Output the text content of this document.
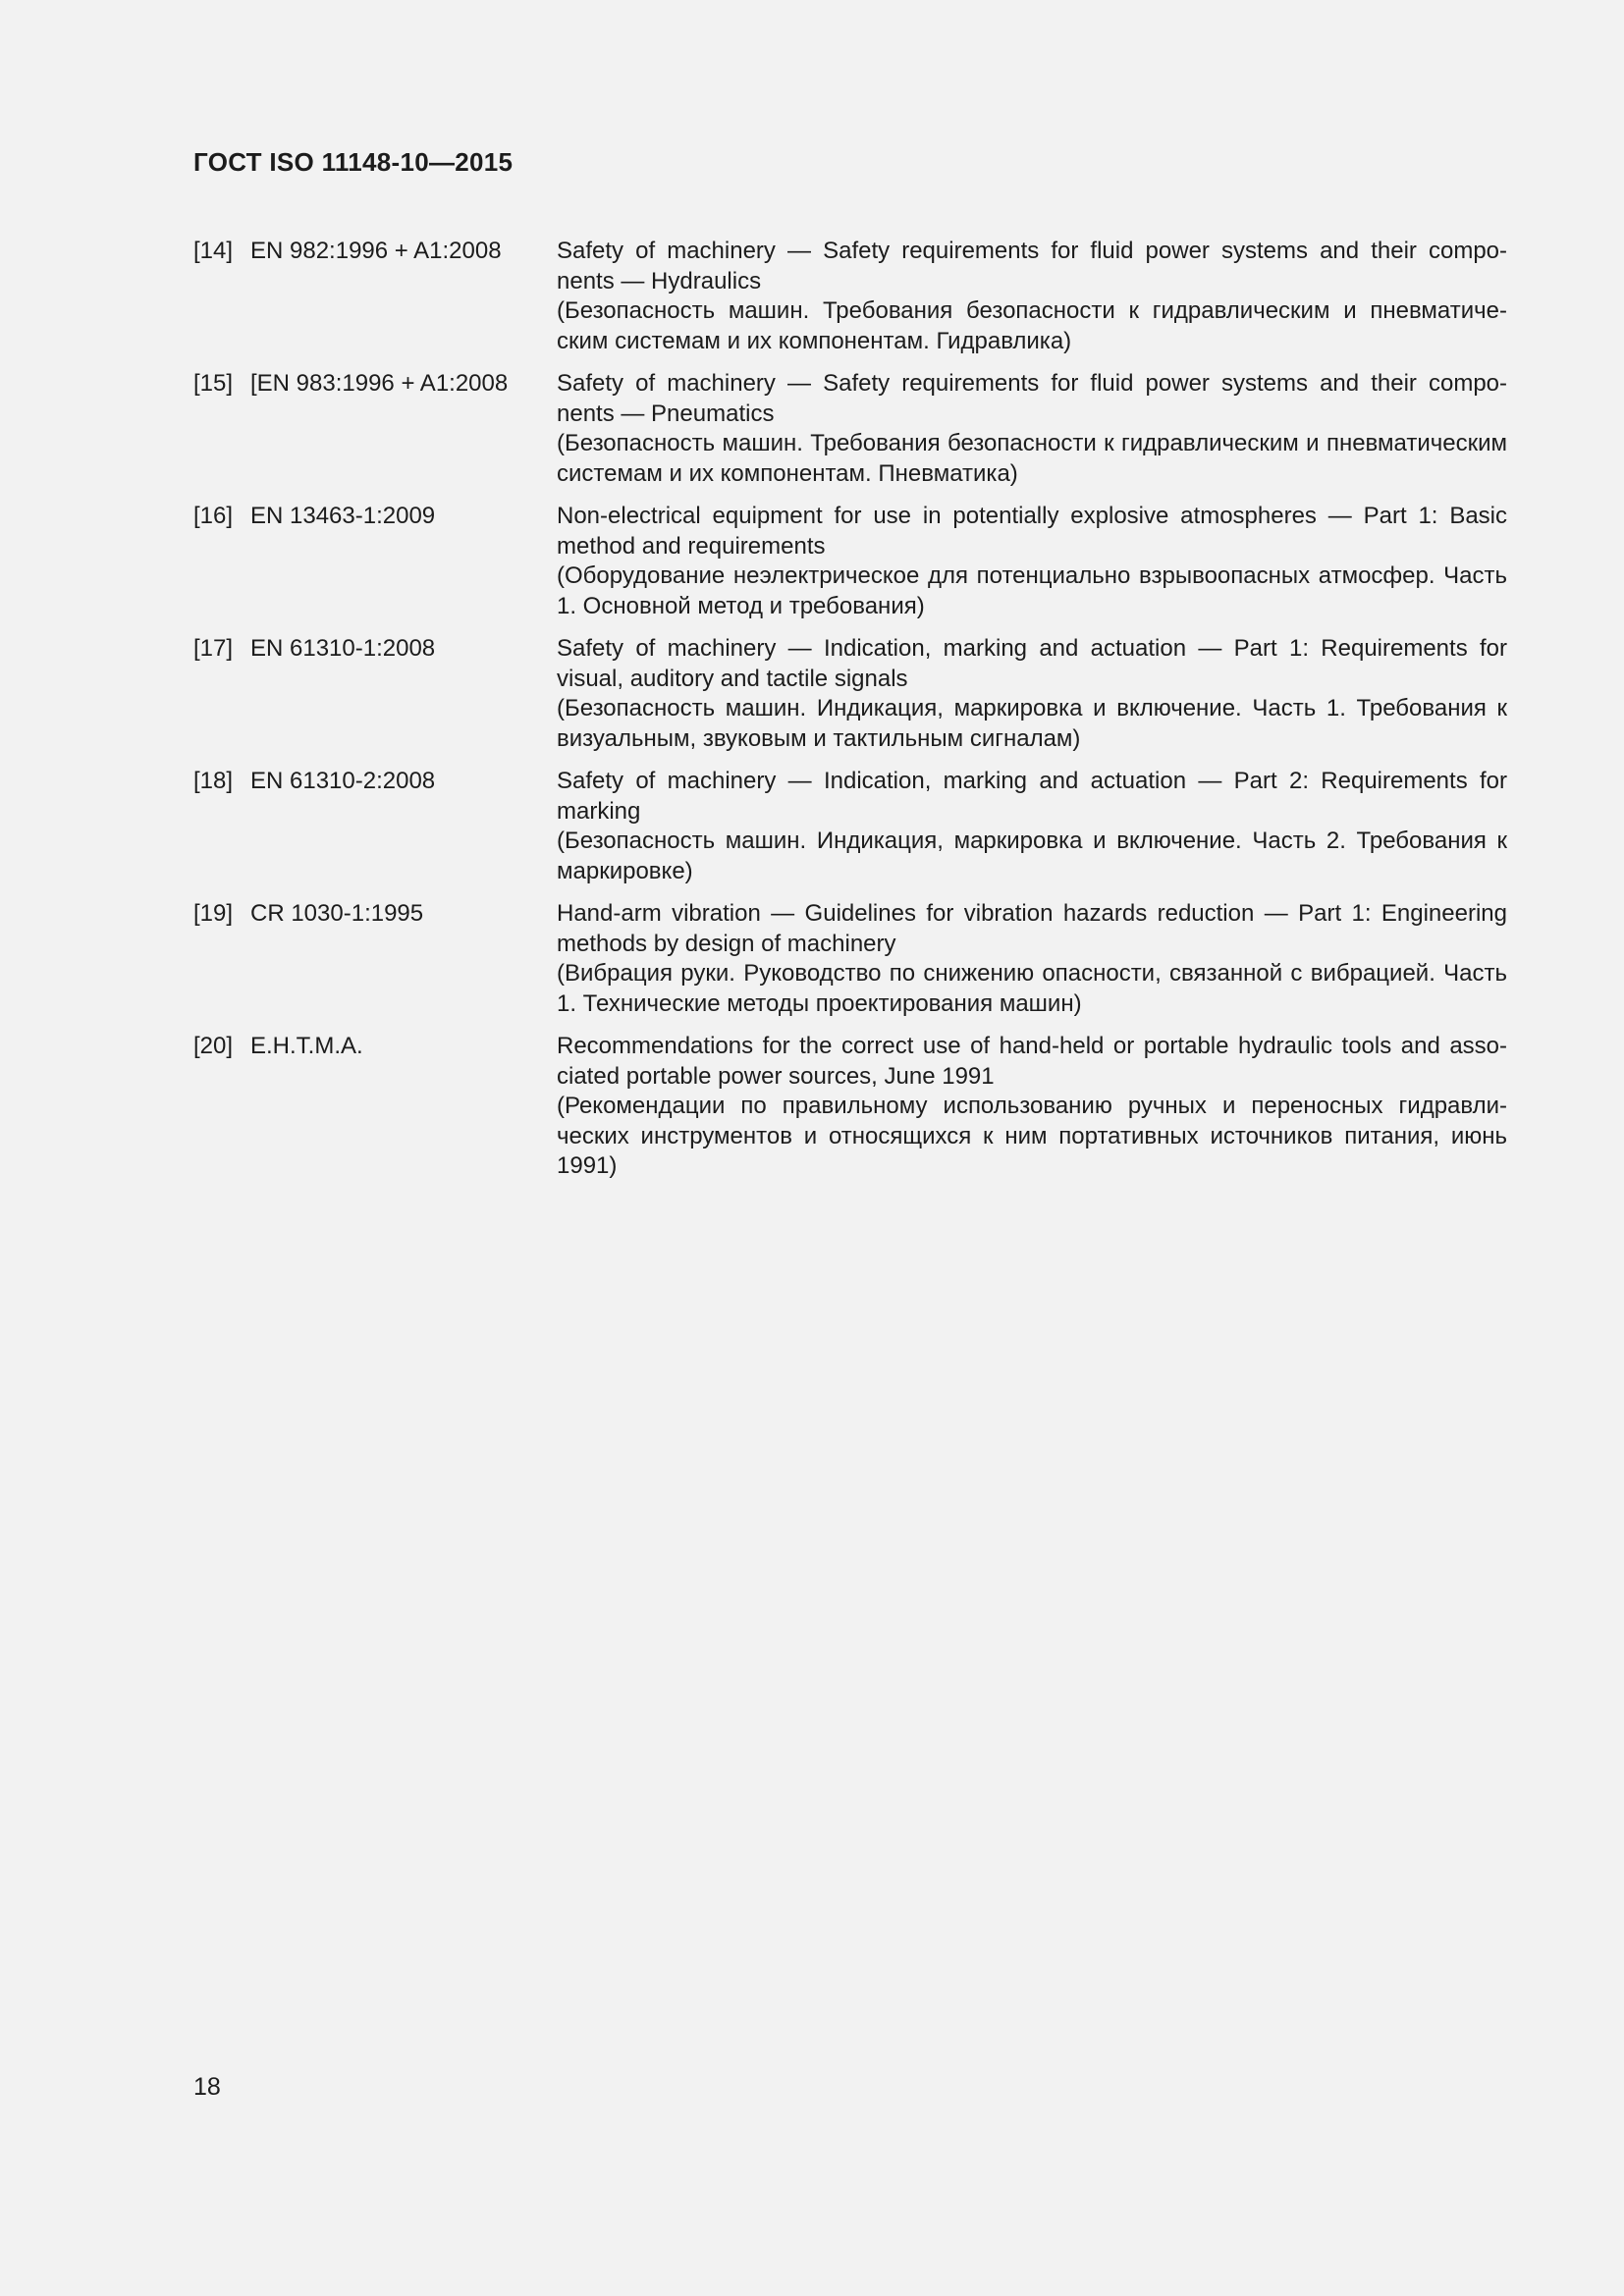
ГОСТ ISO 11148-10—2015
[14] EN 982:1996 + A1:2008	Safety of machinery — Safety requirements for fluid power systems and their compo- nents — Hydraulics
(Безопасность машин. Требования безопасности к гидравлическим и пневматиче- ским системам и их компонентам. Гидравлика)
[15] [EN 983:1996 + A1:2008	Safety of machinery — Safety requirements for fluid power systems and their compo- nents — Pneumatics
(Безопасность машин. Требования безопасности к гидравлическим и пневматическим системам и их компонентам. Пневматика)
[16] EN 13463-1:2009	Non-electrical equipment for use in potentially explosive atmospheres — Part 1: Basic method and requirements
(Оборудование неэлектрическое для потенциально взрывоопасных атмосфер. Часть 1. Основной метод и требования)
[17] EN 61310-1:2008	Safety of machinery — Indication, marking and actuation — Part 1: Requirements for visual, auditory and tactile signals
(Безопасность машин. Индикация, маркировка и включение. Часть 1. Требования к визуальным, звуковым и тактильным сигналам)
[18] EN 61310-2:2008	Safety of machinery — Indication, marking and actuation — Part 2: Requirements for marking
(Безопасность машин. Индикация, маркировка и включение. Часть 2. Требования к маркировке)
[19] CR 1030-1:1995	Hand-arm vibration — Guidelines for vibration hazards reduction — Part 1: Engineering methods by design of machinery
(Вибрация руки. Руководство по снижению опасности, связанной с вибрацией. Часть 1. Технические методы проектирования машин)
[20] E.H.T.M.A.	Recommendations for the correct use of hand-held or portable hydraulic tools and asso- ciated portable power sources, June 1991
(Рекомендации по правильному использованию ручных и переносных гидравли- ческих инструментов и относящихся к ним портативных источников питания, июнь 1991)
18
